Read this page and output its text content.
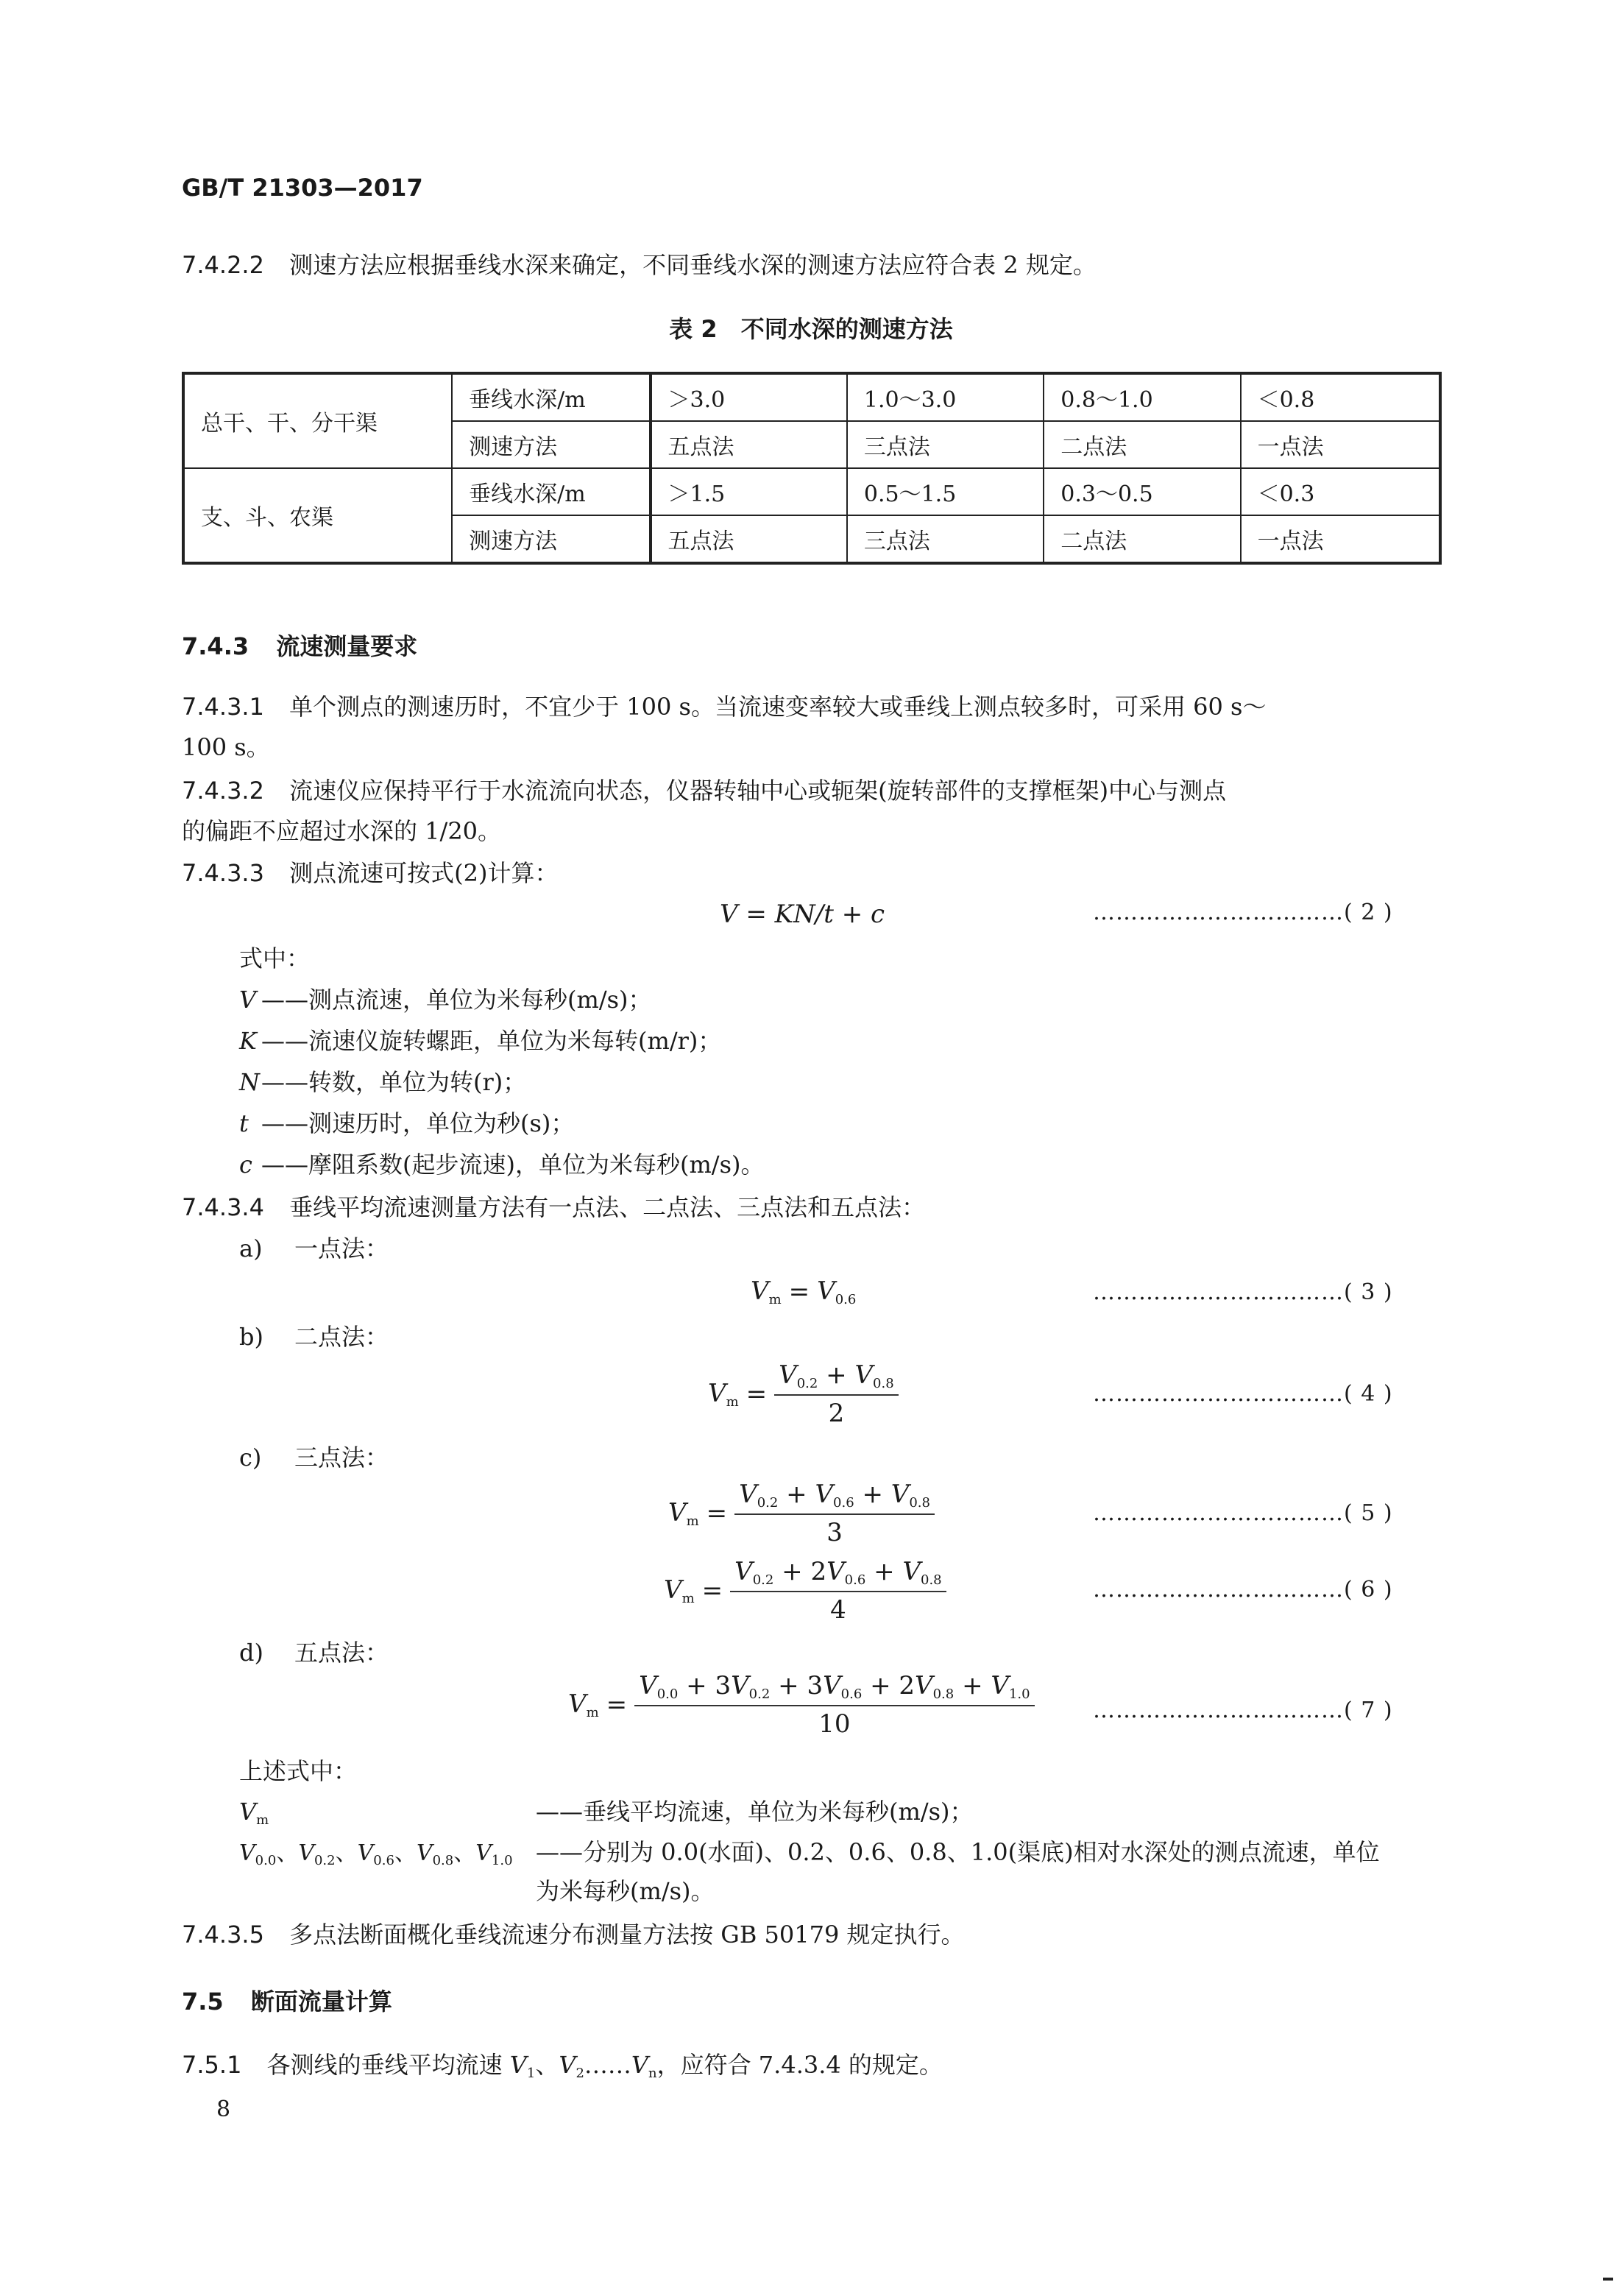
GB/T 21303—2017
7.4.2.2 测速方法应根据垂线水深来确定，不同垂线水深的测速方法应符合表 2 规定。
表 2　不同水深的测速方法
总干、干、分干渠	垂线水深/m	＞3.0	1.0～3.0	0.8～1.0	＜0.8
	测速方法	五点法	三点法	二点法	一点法
支、斗、农渠	垂线水深/m	＞1.5	0.5～1.5	0.3～0.5	＜0.3
	测速方法	五点法	三点法	二点法	一点法
7.4.3 流速测量要求
7.4.3.1 单个测点的测速历时，不宜少于 100 s。当流速变率较大或垂线上测点较多时，可采用 60 s～
100 s。
7.4.3.2 流速仪应保持平行于水流流向状态，仪器转轴中心或轭架(旋转部件的支撑框架)中心与测点
的偏距不应超过水深的 1/20。
7.4.3.3 测点流速可按式(2)计算：
V = KN/t + c	……………………………( 2 )
式中：
V ——测点流速，单位为米每秒(m/s)；
K ——流速仪旋转螺距，单位为米每转(m/r)；
N——转数，单位为转(r)；
t ——测速历时，单位为秒(s)；
c ——摩阻系数(起步流速)，单位为米每秒(m/s)。
7.4.3.4 垂线平均流速测量方法有一点法、二点法、三点法和五点法：
a) 一点法：
$V_m = V_{0.6}$	……………………………( 3 )
b) 二点法：
$V_m = \frac{V_{0.2} + V_{0.8}}{2}$	……………………………( 4 )
c) 三点法：
$V_m = \frac{V_{0.2} + V_{0.6} + V_{0.8}}{3}$	……………………………( 5 )
$V_m = \frac{V_{0.2} + 2V_{0.6} + V_{0.8}}{4}$	……………………………( 6 )
d) 五点法：
$V_m = \frac{V_{0.0} + 3V_{0.2} + 3V_{0.6} + 2V_{0.8} + V_{1.0}}{10}$	……………………………( 7 )
上述式中：
$V_m$	——垂线平均流速，单位为米每秒(m/s)；
$V_{0.0}$、$V_{0.2}$、$V_{0.6}$、$V_{0.8}$、$V_{1.0}$ ——分别为 0.0(水面)、0.2、0.6、0.8、1.0(渠底)相对水深处的测点流速，单位
为米每秒(m/s)。
7.4.3.5 多点法断面概化垂线流速分布测量方法按 GB 50179 规定执行。
7.5 断面流量计算
7.5.1 各测线的垂线平均流速 $V_1$、$V_2\dots\dots V_n$，应符合 7.4.3.4 的规定。
8
